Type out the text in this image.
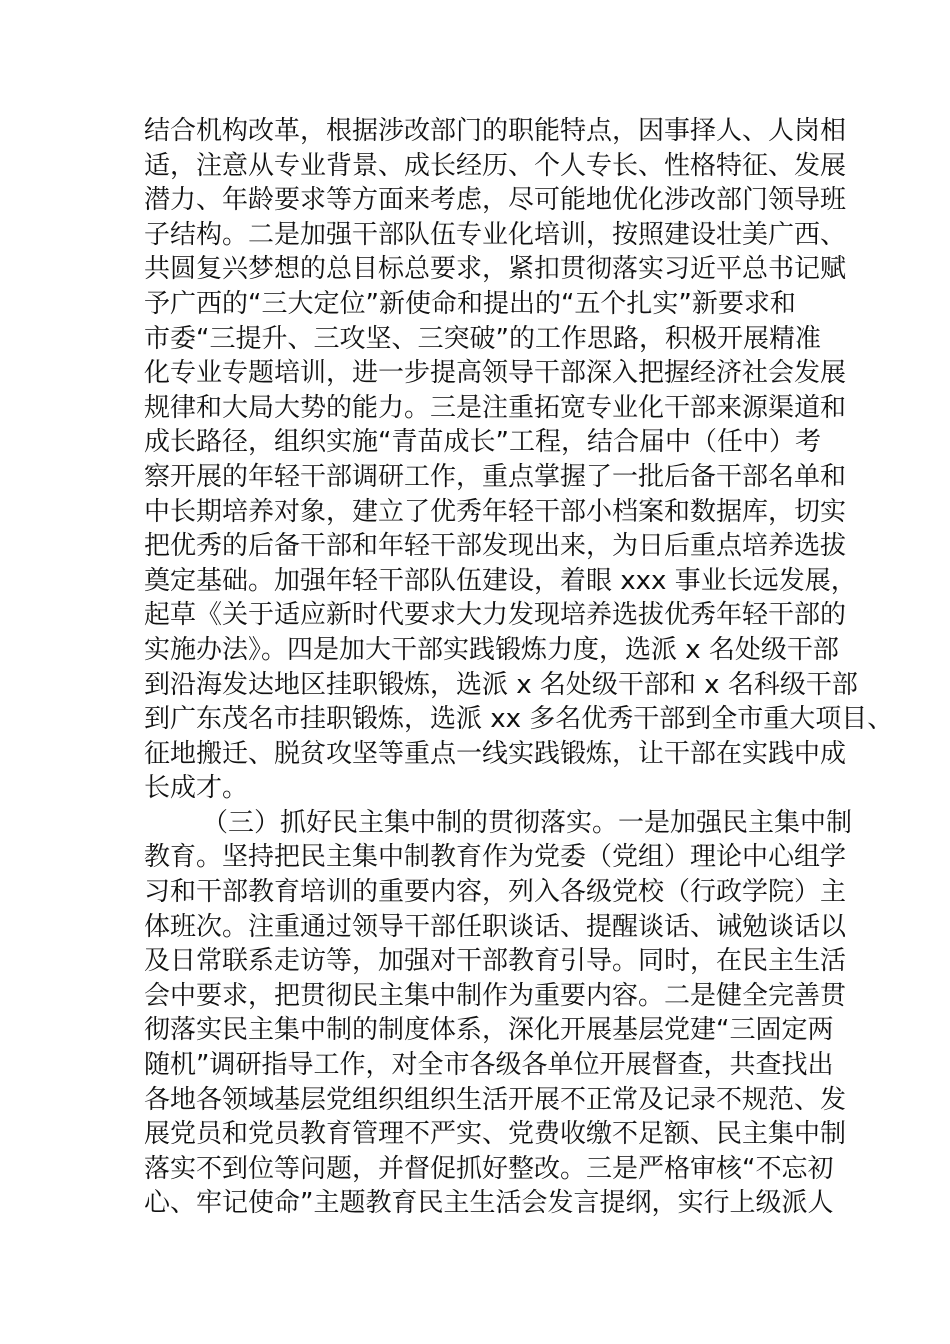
结合机构改革，根据涉改部门的职能特点，因事择人、人岗相
适，注意从专业背景、成长经历、个人专长、性格特征、发展
潜力、年龄要求等方面来考虑，尽可能地优化涉改部门领导班
子结构。二是加强干部队伍专业化培训，按照建设壮美广西、
共圆复兴梦想的总目标总要求，紧扣贯彻落实习近平总书记赋
予广西的“三大定位”新使命和提出的“五个扎实”新要求和
市委“三提升、三攻坚、三突破”的工作思路，积极开展精准
化专业专题培训，进一步提高领导干部深入把握经济社会发展
规律和大局大势的能力。三是注重拓宽专业化干部来源渠道和
成长路径，组织实施“青苗成长”工程，结合届中（任中）考
察开展的年轻干部调研工作，重点掌握了一批后备干部名单和
中长期培养对象，建立了优秀年轻干部小档案和数据库，切实
把优秀的后备干部和年轻干部发现出来，为日后重点培养选拔
奠定基础。加强年轻干部队伍建设，着眼 xxx 事业长远发展，
起草《关于适应新时代要求大力发现培养选拔优秀年轻干部的
实施办法》。四是加大干部实践锻炼力度，选派 x 名处级干部
到沿海发达地区挂职锻炼，选派 x 名处级干部和 x 名科级干部
到广东茂名市挂职锻炼，选派 xx 多名优秀干部到全市重大项目、
征地搬迁、脱贫攻坚等重点一线实践锻炼，让干部在实践中成
长成才。
（三）抓好民主集中制的贯彻落实。一是加强民主集中制
教育。坚持把民主集中制教育作为党委（党组）理论中心组学
习和干部教育培训的重要内容，列入各级党校（行政学院）主
体班次。注重通过领导干部任职谈话、提醒谈话、诫勉谈话以
及日常联系走访等，加强对干部教育引导。同时，在民主生活
会中要求，把贯彻民主集中制作为重要内容。二是健全完善贯
彻落实民主集中制的制度体系，深化开展基层党建“三固定两
随机”调研指导工作，对全市各级各单位开展督查，共查找出
各地各领域基层党组织组织生活开展不正常及记录不规范、发
展党员和党员教育管理不严实、党费收缴不足额、民主集中制
落实不到位等问题，并督促抓好整改。三是严格审核“不忘初
心、牢记使命”主题教育民主生活会发言提纲，实行上级派人
